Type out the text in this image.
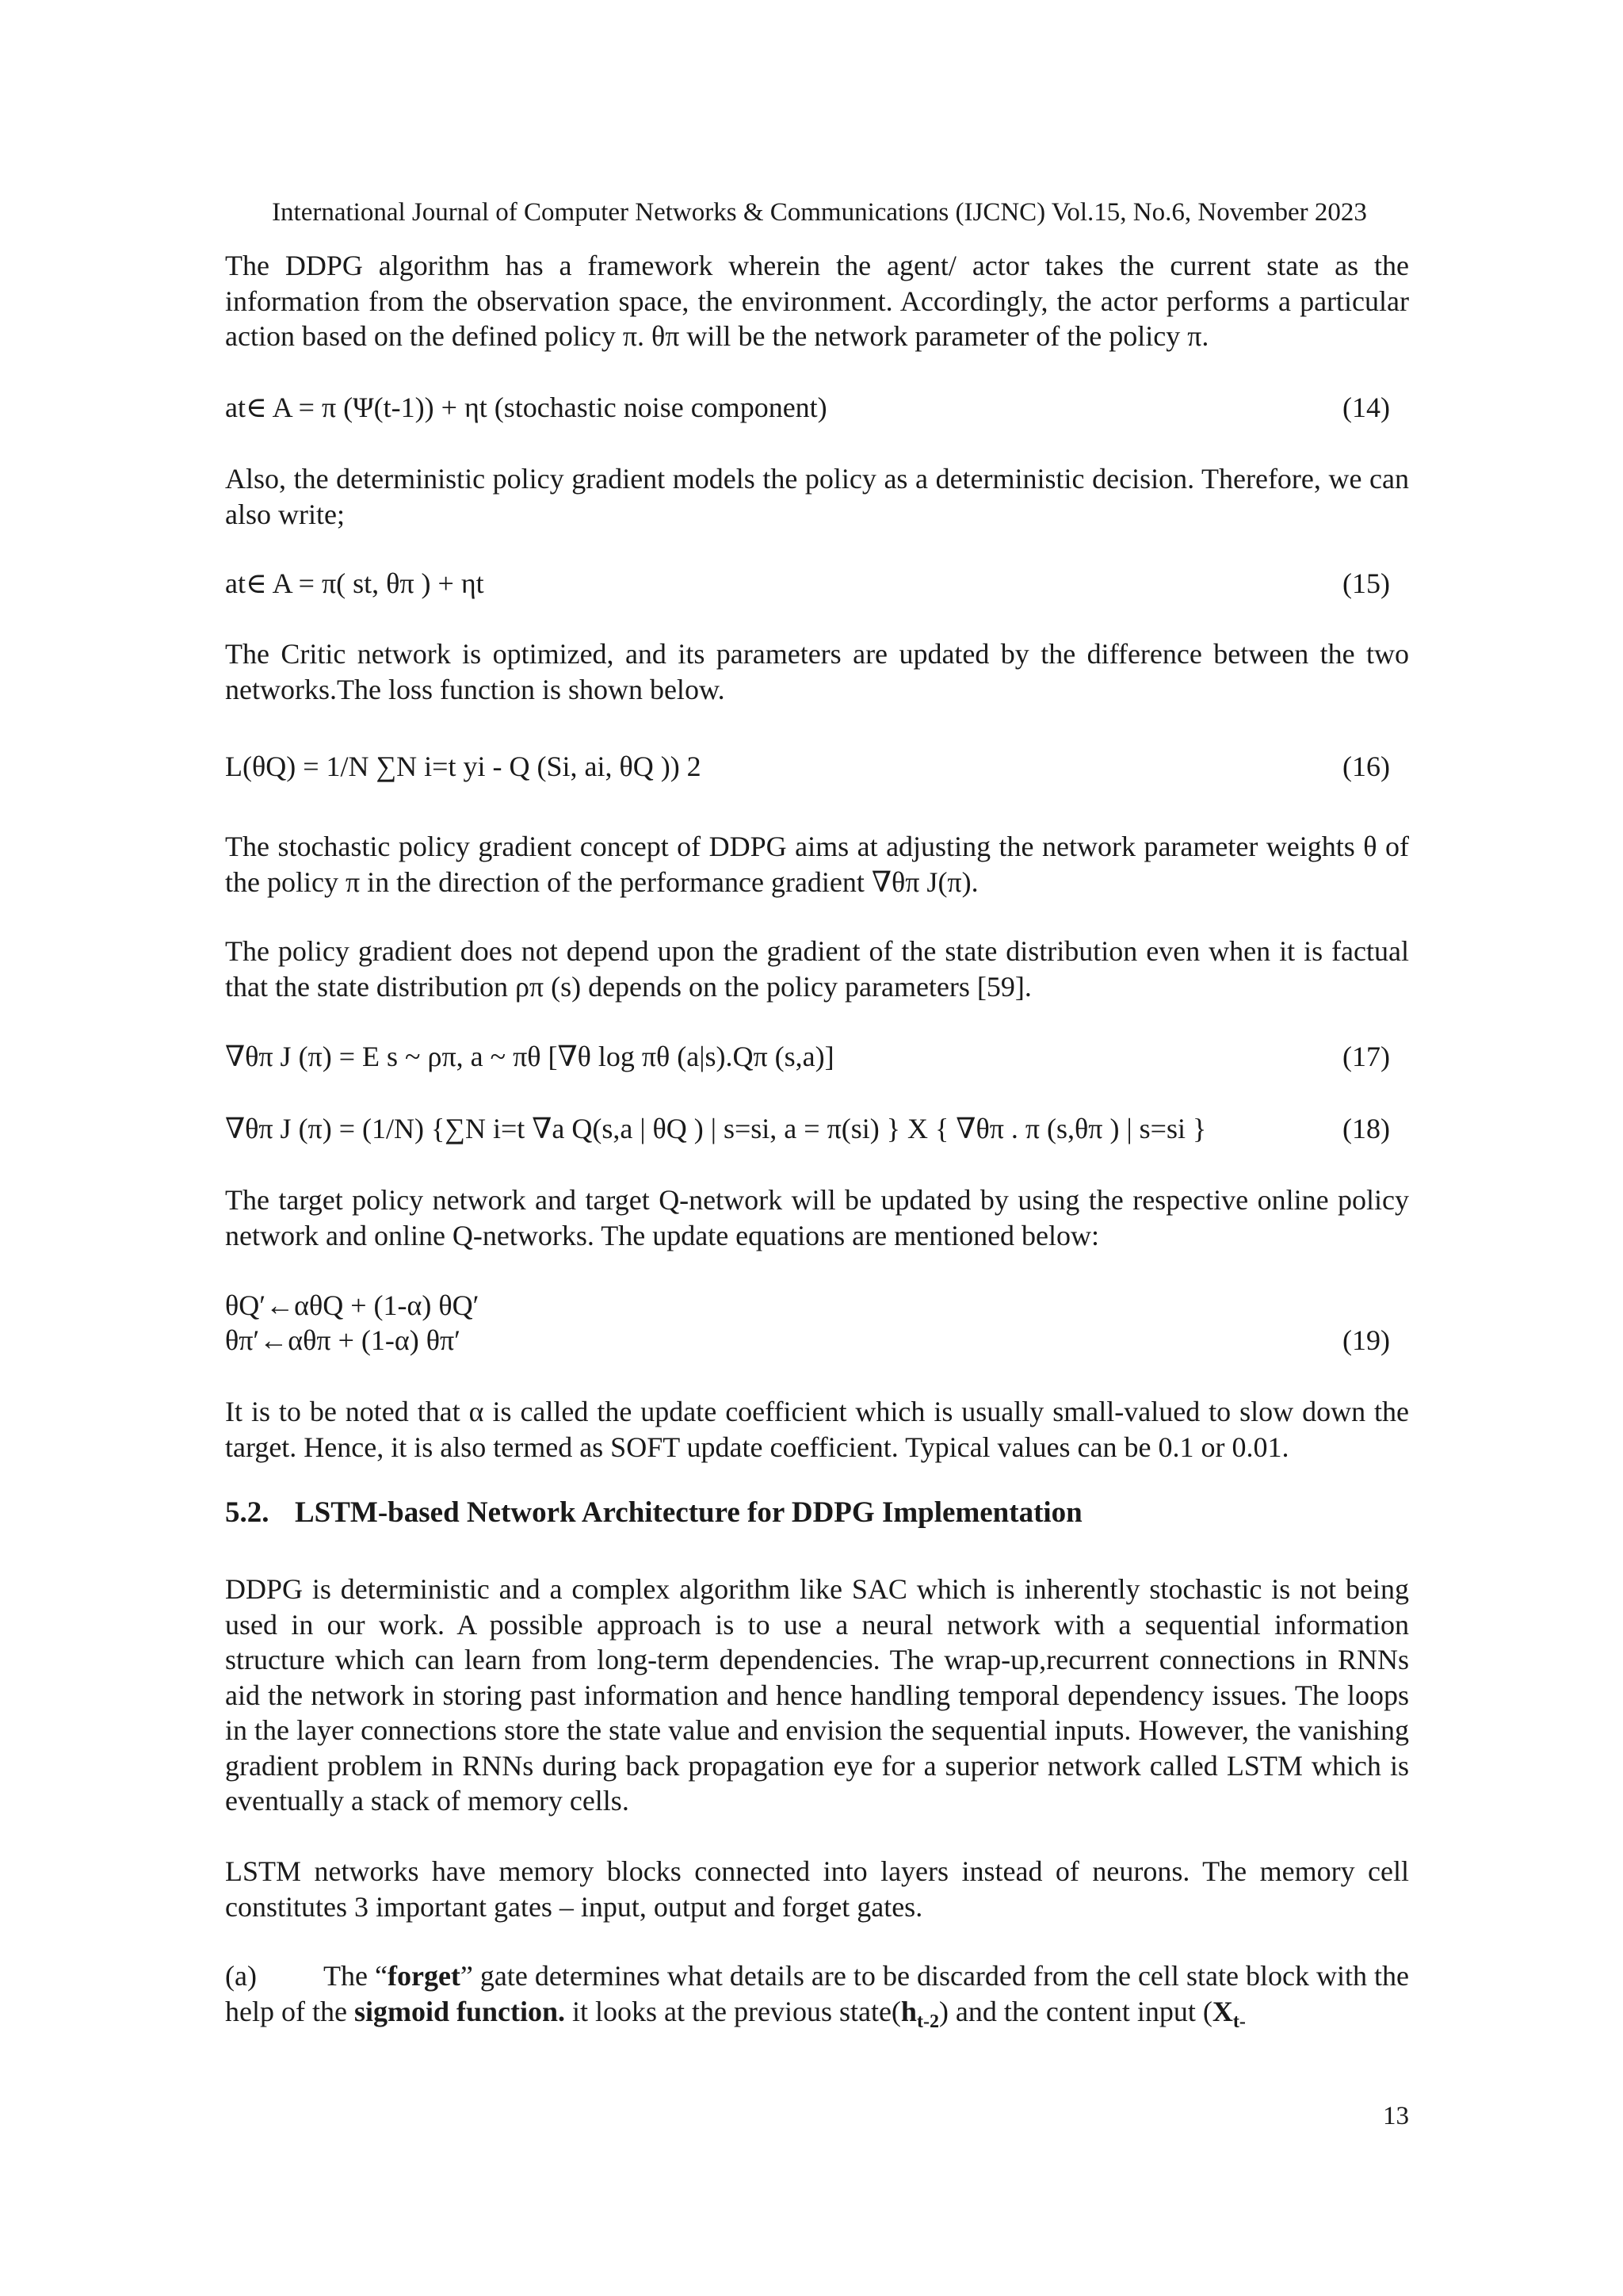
International Journal of Computer Networks & Communications (IJCNC) Vol.15, No.6, November 2023
The DDPG algorithm has a framework wherein the agent/ actor takes the current state as the information from the observation space, the environment. Accordingly, the actor performs a particular action based on the defined policy π. θπ will be the network parameter of the policy π.
at∈ A = π (Ψ(t-1)) + ηt (stochastic noise component)	(14)
Also, the deterministic policy gradient models the policy as a deterministic decision. Therefore, we can also write;
at∈ A = π( st, θπ ) + ηt	(15)
The Critic network is optimized, and its parameters are updated by the difference between the two networks.The loss function is shown below.
L(θQ) = 1/N ∑N i=t yi - Q (Si, ai, θQ )) 2	(16)
The stochastic policy gradient concept of DDPG aims at adjusting the network parameter weights θ of the policy π in the direction of the performance gradient ∇θπ J(π).
The policy gradient does not depend upon the gradient of the state distribution even when it is factual that the state distribution ρπ (s) depends on the policy parameters [59].
∇θπ J (π) = E s ~ ρπ, a ~ πθ [∇θ log πθ (a|s).Qπ (s,a)]	(17)
∇θπ J (π) = (1/N) {∑N i=t ∇a Q(s,a | θQ ) | s=si, a = π(si) } X { ∇θπ . π (s,θπ ) | s=si }	(18)
The target policy network and target Q-network will be updated by using the respective online policy network and online Q-networks. The update equations are mentioned below:
θQ′←αθQ + (1-α) θQ′
θπ′←αθπ + (1-α) θπ′	(19)
It is to be noted that α is called the update coefficient which is usually small-valued to slow down the target. Hence, it is also termed as SOFT update coefficient. Typical values can be 0.1 or 0.01.
5.2. LSTM-based Network Architecture for DDPG Implementation
DDPG is deterministic and a complex algorithm like SAC which is inherently stochastic is not being used in our work. A possible approach is to use a neural network with a sequential information structure which can learn from long-term dependencies. The wrap-up,recurrent connections in RNNs aid the network in storing past information and hence handling temporal dependency issues. The loops in the layer connections store the state value and envision the sequential inputs. However, the vanishing gradient problem in RNNs during back propagation eye for a superior network called LSTM which is eventually a stack of memory cells.
LSTM networks have memory blocks connected into layers instead of neurons. The memory cell constitutes 3 important gates – input, output and forget gates.
(a) The “forget” gate determines what details are to be discarded from the cell state block with the help of the sigmoid function. it looks at the previous $state(h_{t-2})$ and the content input ($X_{t-}$
13
